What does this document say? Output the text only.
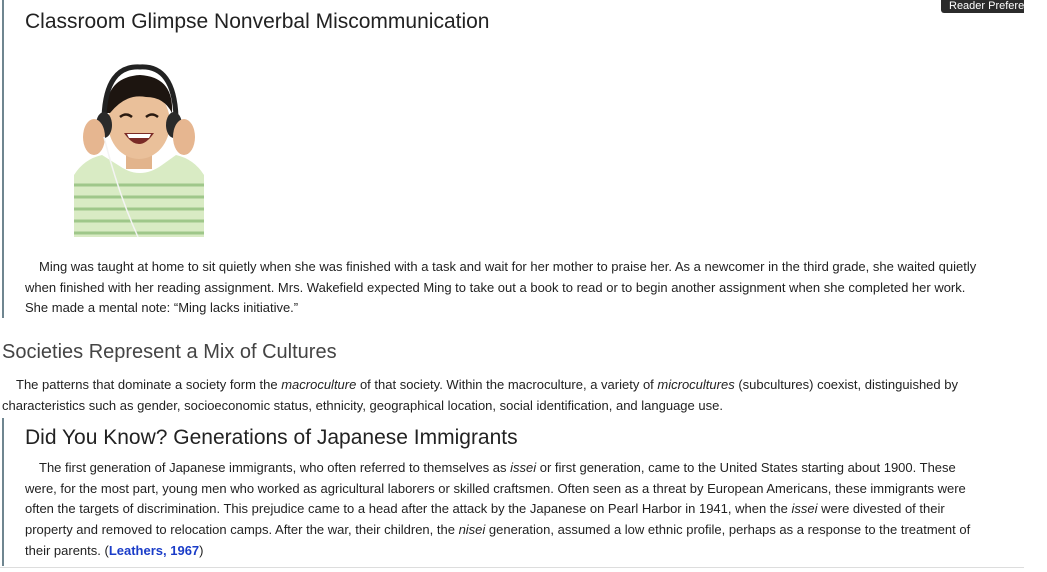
Reader Preferences
Classroom Glimpse Nonverbal Miscommunication

Ming was taught at home to sit quietly when she was finished with a task and wait for her mother to praise her. As a newcomer in the third grade, she waited quietly when finished with her reading assignment. Mrs. Wakefield expected Ming to take out a book to read or to begin another assignment when she completed her work. She made a mental note: “Ming lacks initiative.”

Societies Represent a Mix of Cultures

The patterns that dominate a society form the macroculture of that society. Within the macroculture, a variety of microcultures (subcultures) coexist, distinguished by characteristics such as gender, socioeconomic status, ethnicity, geographical location, social identification, and language use.

Did You Know? Generations of Japanese Immigrants

The first generation of Japanese immigrants, who often referred to themselves as issei or first generation, came to the United States starting about 1900. These were, for the most part, young men who worked as agricultural laborers or skilled craftsmen. Often seen as a threat by European Americans, these immigrants were often the targets of discrimination. This prejudice came to a head after the attack by the Japanese on Pearl Harbor in 1941, when the issei were divested of their property and removed to relocation camps. After the war, their children, the nisei generation, assumed a low ethnic profile, perhaps as a response to the treatment of their parents. (Leathers, 1967)
